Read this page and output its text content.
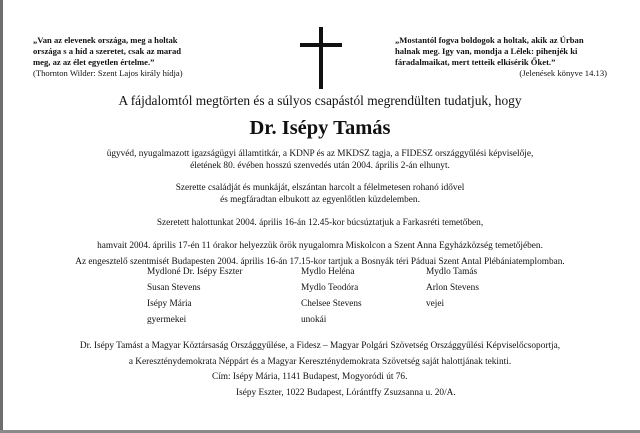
„Van az elevenek országa, meg a holtak
országa s a híd a szeretet, csak az marad
meg, az az élet egyetlen értelme.”
(Thornton Wilder: Szent Lajos király hídja)
„Mostantól fogva boldogok a holtak, akik az Úrban
halnak meg. Igy van, mondja a Lélek: pihenjék ki
fáradalmaikat, mert tetteik elkísérik Őket.”
(Jelenések könyve 14.13)
A fájdalomtól megtörten és a súlyos csapástól megrendülten tudatjuk, hogy
Dr. Isépy Tamás
ügyvéd, nyugalmazott igazságügyi államtitkár, a KDNP és az MKDSZ tagja, a FIDESZ országgyűlési képviselője,
életének 80. évében hosszú szenvedés után 2004. április 2-án elhunyt.
Szerette családját és munkáját, elszántan harcolt a félelmetesen rohanó idővel
és megfáradtan elbukott az egyenlőtlen küzdelemben.
Szeretett halottunkat 2004. április 16-án 12.45-kor búcsúztatjuk a Farkasréti temetőben,
hamvait 2004. április 17-én 11 órakor helyezzük örök nyugalomra Miskolcon a Szent Anna Egyházközség temetőjében.
Az engesztelő szentmisét Budapesten 2004. április 16-án 17.15-kor tartjuk a Bosnyák téri Páduai Szent Antal Plébániatemplomban.
Mydloné Dr. Isépy Eszter
Susan Stevens
Isépy Mária
gyermekei
Mydlo Heléna
Mydlo Teodóra
Chelsee Stevens
unokái
Mydlo Tamás
Arlon Stevens
vejei
Dr. Isépy Tamást a Magyar Köztársaság Országgyűlése, a Fidesz – Magyar Polgári Szövetség Országgyűlési Képviselőcsoportja,
a Kereszténydemokrata Néppárt és a Magyar Kereszténydemokrata Szövetség saját halottjának tekinti.
Cím: Isépy Mária, 1141 Budapest, Mogyoródi út 76.
Isépy Eszter, 1022 Budapest, Lórántffy Zsuzsanna u. 20/A.
